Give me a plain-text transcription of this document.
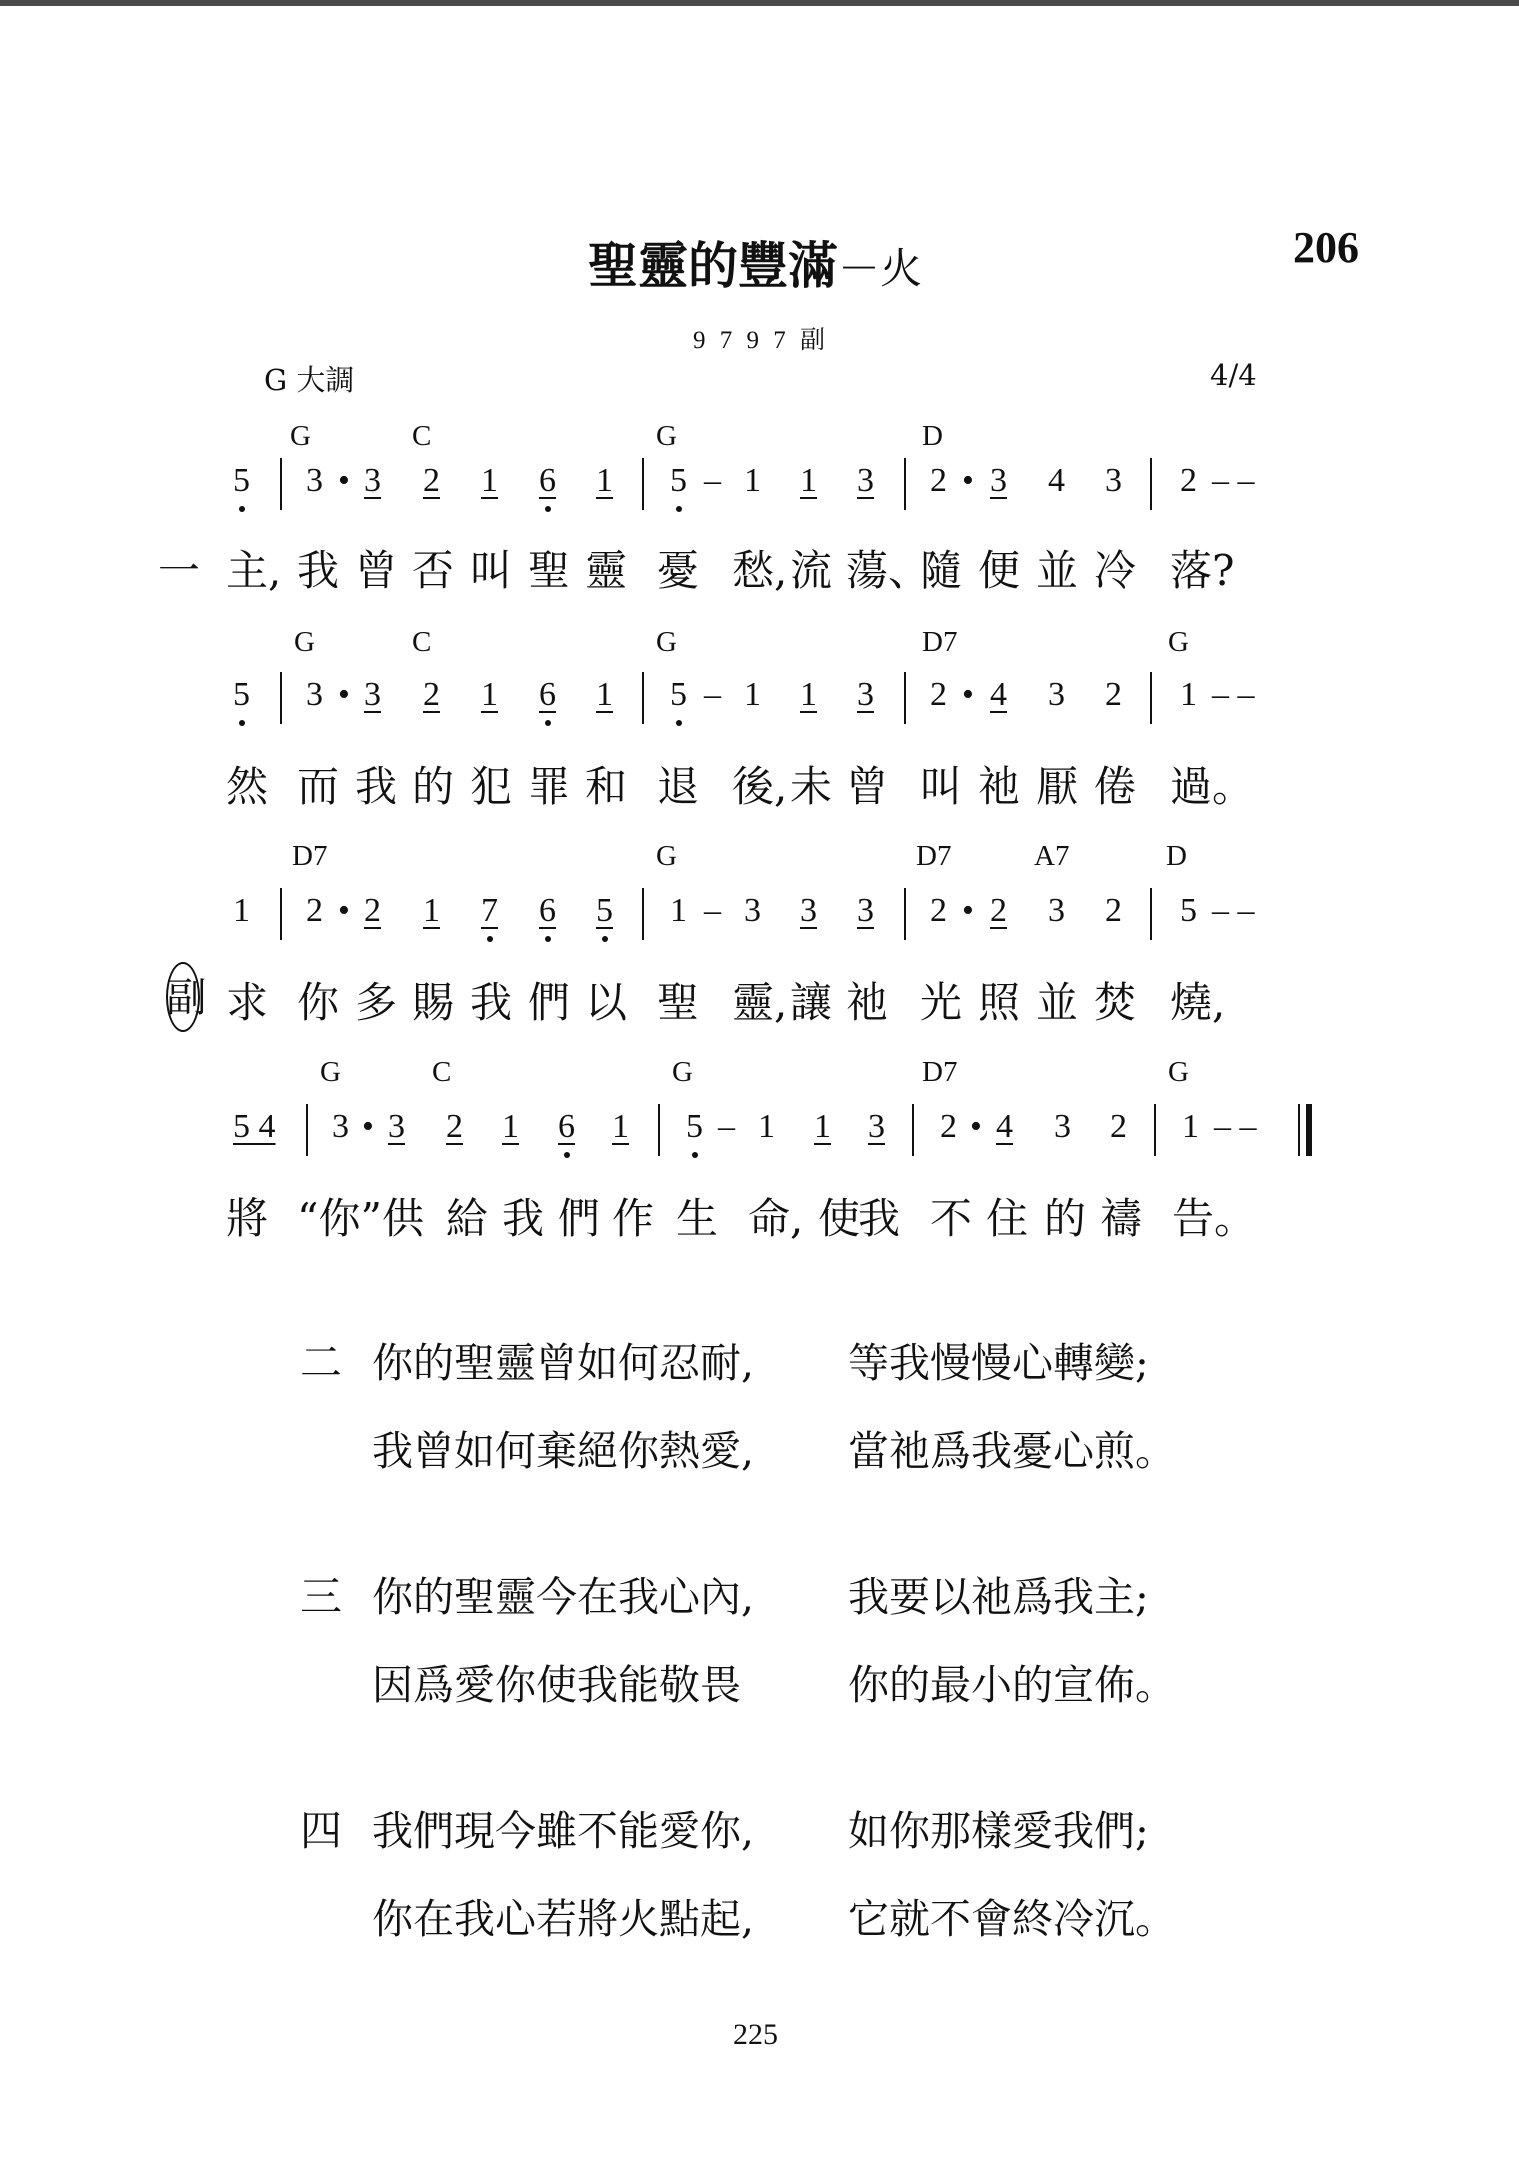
聖靈的豐滿－火	206
9 7 9 7 副
G 大調	4/4
G	C	G	D
5 3 • 3 2 1 6 1 5 – 1 1 3 2 • 3 4 3 2 – –
一 主, 我 曾 否 叫 聖 靈 憂 愁, 流 蕩、
隨 便 並 冷 落?
G	C	G	D7	G
5 3 • 3 2 1 6 1 5 – 1 1 3 2 • 4 3 2 1 – –
然 而 我 的 犯 罪 和 退 後, 未 曾 叫 祂 厭 倦 過。
D7	G	D7	A7	D
1 2 • 2 1 7 6 5 1 – 3 3 3 2 • 2 3 2 5 – –
副 求 你 多 賜 我 們 以 聖 靈, 讓 祂 光 照 並 焚 燒,
G	C	G	D7	G
5 4 3 • 3 2 1 6 1 5 – 1 1 3 2 • 4 3 2 1 – –
將 “你”供 給 我 們 作 生 命, 使
我 不 住 的 禱 告。
二 你的聖靈曾如何忍耐, 等我慢慢心轉變;
我曾如何棄絕你熱愛, 當祂爲我憂心煎。
三 你的聖靈今在我心內, 我要以祂爲我主;
因爲愛你使我能敬畏	你的最小的宣佈。
四 我們現今雖不能愛你, 如你那樣愛我們;
你在我心若將火點起, 它就不會終冷沉。
225
